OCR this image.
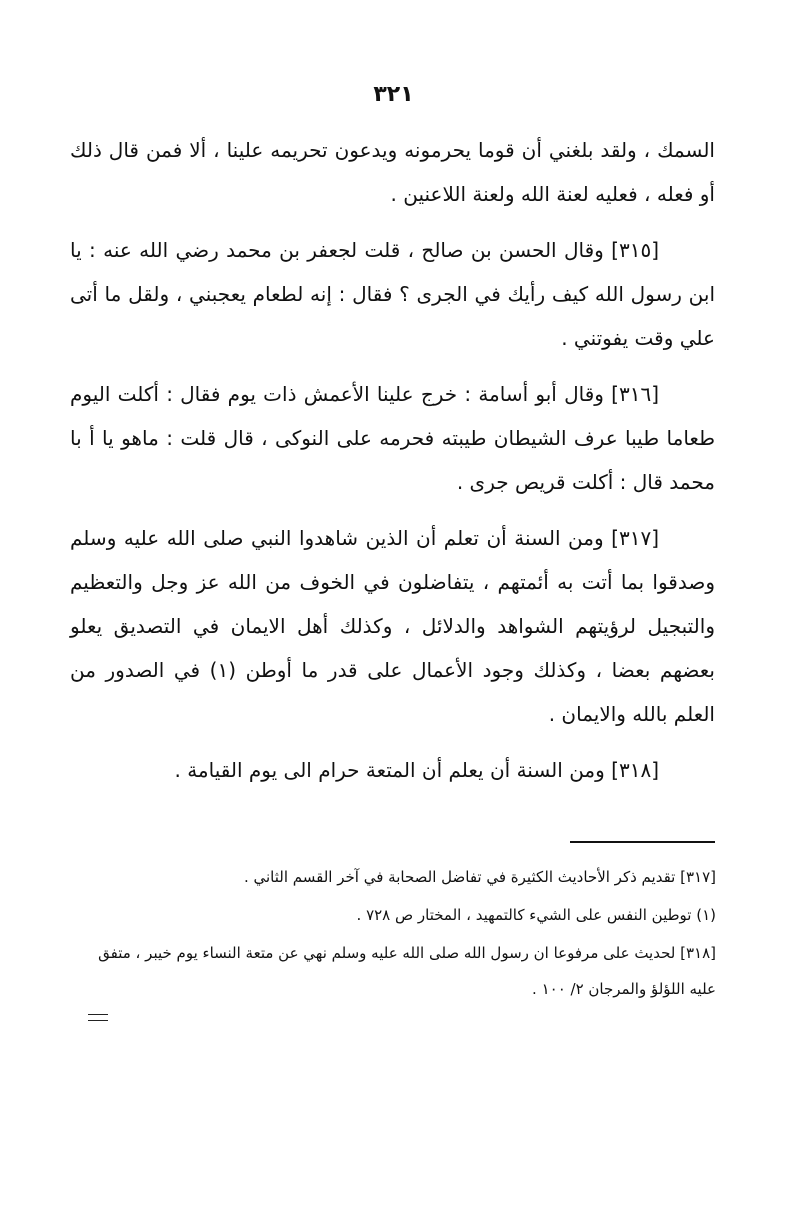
٣٢١

السمك ، ولقد بلغني أن قوما يحرمونه ويدعون تحريمه علينا ، ألا فمن قال ذلك أو فعله ، فعليه لعنة الله ولعنة اللاعنين .

[٣١٥] وقال الحسن بن صالح ، قلت لجعفر بن محمد رضي الله عنه : يا ابن رسول الله كيف رأيك في الجرى ؟ فقال : إنه لطعام يعجبني ، ولقل ما أتى علي وقت يفوتني .

[٣١٦] وقال أبو أسامة : خرج علينا الأعمش ذات يوم فقال : أكلت اليوم طعاما طيبا عرف الشيطان طيبته فحرمه على النوكى ، قال قلت : ماهو يا أ با محمد قال : أكلت قريص جرى .

[٣١٧] ومن السنة أن تعلم أن الذين شاهدوا النبي صلى الله عليه وسلم وصدقوا بما أتت به أئمتهم ، يتفاضلون في الخوف من الله عز وجل والتعظيم والتبجيل لرؤيتهم الشواهد والدلائل ، وكذلك أهل الايمان في التصديق يعلو بعضهم بعضا ، وكذلك وجود الأعمال على قدر ما أوطن (١) في الصدور من العلم بالله والايمان .

[٣١٨] ومن السنة أن يعلم أن المتعة حرام الى يوم القيامة .

[٣١٧] تقديم ذكر الأحاديث الكثيرة في تفاضل الصحابة في آخر القسم الثاني .

(١) توطين النفس على الشيء كالتمهيد ، المختار ص ٧٢٨ .

[٣١٨] لحديث على مرفوعا ان رسول الله صلى الله عليه وسلم نهي عن متعة النساء يوم خيبر ، متفق
عليه اللؤلؤ والمرجان ٢/ ١٠٠ .
